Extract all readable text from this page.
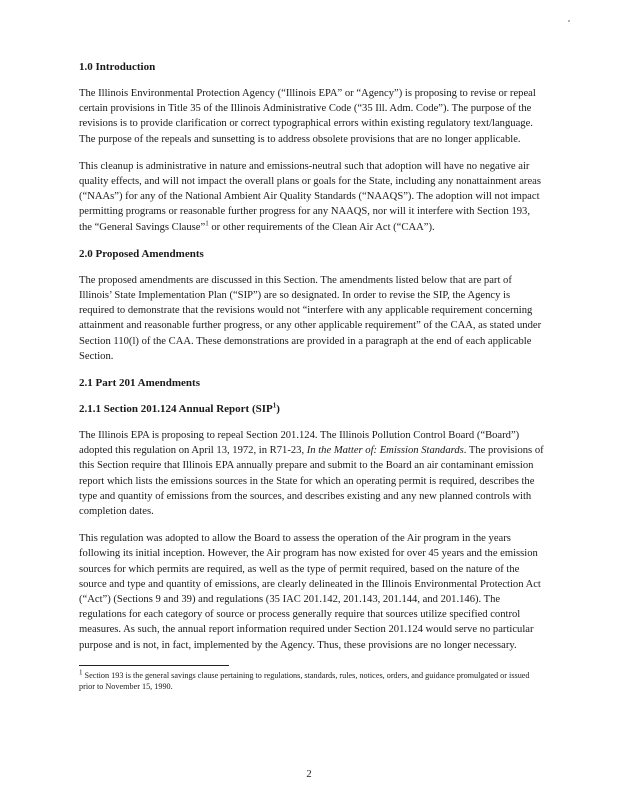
1.0 Introduction

The Illinois Environmental Protection Agency (“Illinois EPA” or “Agency”) is proposing to revise or repeal certain provisions in Title 35 of the Illinois Administrative Code (“35 Ill. Adm. Code”). The purpose of the revisions is to provide clarification or correct typographical errors within existing regulatory text/language. The purpose of the repeals and sunsetting is to address obsolete provisions that are no longer applicable.

This cleanup is administrative in nature and emissions-neutral such that adoption will have no negative air quality effects, and will not impact the overall plans or goals for the State, including any nonattainment areas (“NAAs”) for any of the National Ambient Air Quality Standards (“NAAQS”). The adoption will not impact permitting programs or reasonable further progress for any NAAQS, nor will it interfere with Section 193, the “General Savings Clause”$^1$ or other requirements of the Clean Air Act (“CAA”).

2.0 Proposed Amendments

The proposed amendments are discussed in this Section. The amendments listed below that are part of Illinois’ State Implementation Plan (“SIP”) are so designated. In order to revise the SIP, the Agency is required to demonstrate that the revisions would not “interfere with any applicable requirement concerning attainment and reasonable further progress, or any other applicable requirement” of the CAA, as stated under Section 110(l) of the CAA. These demonstrations are provided in a paragraph at the end of each applicable Section.

2.1 Part 201 Amendments
2.1.1 Section 201.124 Annual Report (SIP$^1$)

The Illinois EPA is proposing to repeal Section 201.124. The Illinois Pollution Control Board (“Board”) adopted this regulation on April 13, 1972, in R71-23, In the Matter of: Emission Standards. The provisions of this Section require that Illinois EPA annually prepare and submit to the Board an air contaminant emission report which lists the emissions sources in the State for which an operating permit is required, describes the type and quantity of emissions from the sources, and describes existing and any new planned controls with completion dates.

This regulation was adopted to allow the Board to assess the operation of the Air program in the years following its initial inception. However, the Air program has now existed for over 45 years and the emission sources for which permits are required, as well as the type of permit required, based on the nature of the source and type and quantity of emissions, are clearly delineated in the Illinois Environmental Protection Act (“Act”) (Sections 9 and 39) and regulations (35 IAC 201.142, 201.143, 201.144, and 201.146). The regulations for each category of source or process generally require that sources utilize specified control measures. As such, the annual report information required under Section 201.124 would serve no particular purpose and is not, in fact, implemented by the Agency. Thus, these provisions are no longer necessary.

$^1$ Section 193 is the general savings clause pertaining to regulations, standards, rules, notices, orders, and guidance promulgated or issued prior to November 15, 1990.

2
